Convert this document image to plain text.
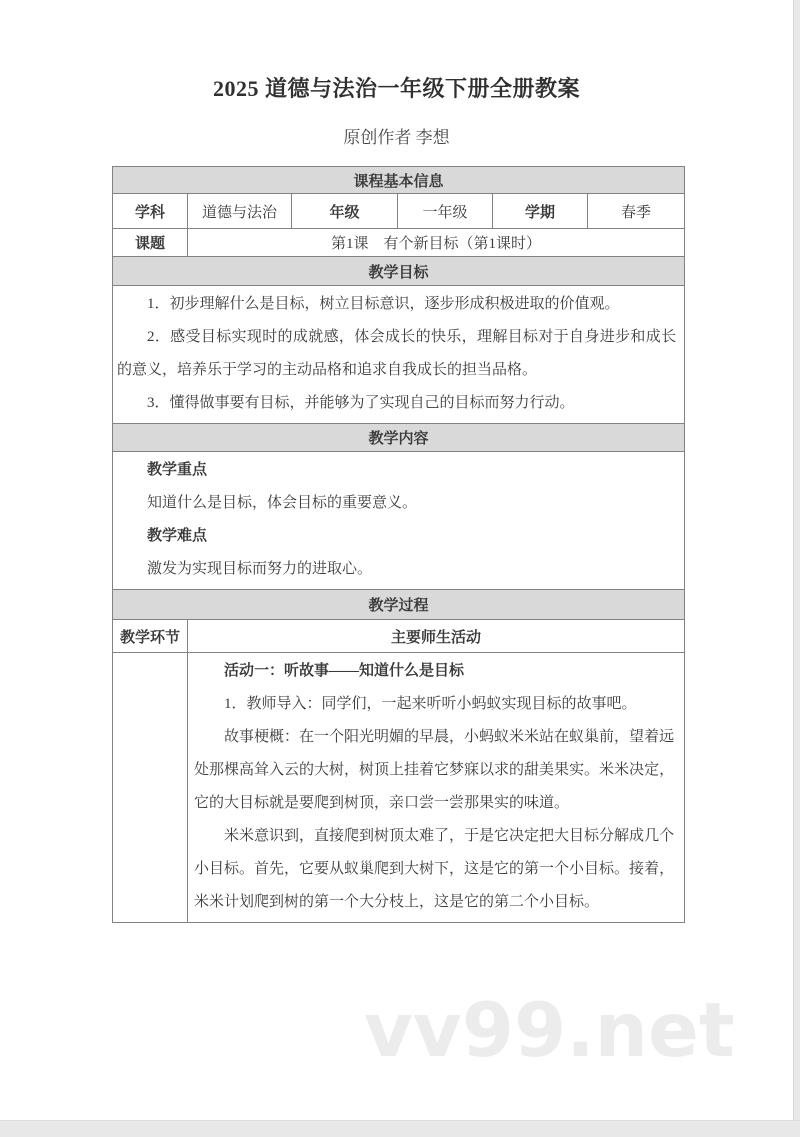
2025 道德与法治一年级下册全册教案
原创作者 李想
课程基本信息					
学科	道德与法治	年级	一年级	学期	春季
课题	第1课　有个新目标（第1课时）				
教学目标					

1．初步理解什么是目标，树立目标意识，逐步形成积极进取的价值观。

2．感受目标实现时的成就感，体会成长的快乐，理解目标对于自身进步和成长的意义，培养乐于学习的主动品格和追求自我成长的担当品格。

3．懂得做事要有目标，并能够为了实现自己的目标而努力行动。					

教学内容					

教学重点

知道什么是目标，体会目标的重要意义。

教学难点

激发为实现目标而努力的进取心。					

教学过程					
教学环节	主要师生活动				

	活动一：听故事——知道什么是目标

1．教师导入：同学们，一起来听听小蚂蚁实现目标的故事吧。

故事梗概：在一个阳光明媚的早晨，小蚂蚁米米站在蚁巢前，望着远处那棵高耸入云的大树，树顶上挂着它梦寐以求的甜美果实。米米决定，它的大目标就是要爬到树顶，亲口尝一尝那果实的味道。

米米意识到，直接爬到树顶太难了，于是它决定把大目标分解成几个小目标。首先，它要从蚁巢爬到大树下，这是它的第一个小目标。接着，米米计划爬到树的第一个大分枝上，这是它的第二个小目标。				

vv99.net
